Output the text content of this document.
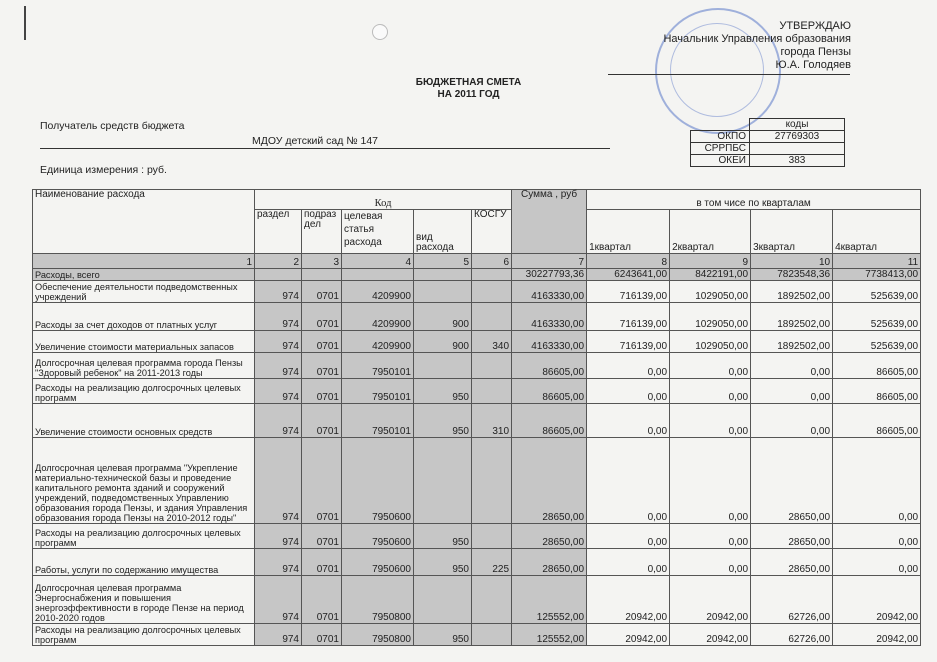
УТВЕРЖДАЮ
Начальник Управления образования
города Пензы
Ю.А. Голодяев
БЮДЖЕТНАЯ СМЕТА
НА 2011 ГОД
Получатель средств бюджета
МДОУ детский сад № 147
Единица измерения : руб.
	коды
ОКПО	27769303
СРРПБС	
ОКЕИ	383
Наименование расхода	Код					Сумма , руб	в том чисе по кварталам			
	раздел	подраз
дел	целевая
статья
расхода	вид
расхода	КОСГУ		1квартал	2квартал	3квартал	4квартал
1	2	3	4	5	6	7	8	9	10	11
Расходы, всего						30227793,36	6243641,00	8422191,00	7823548,36	7738413,00
Обеспечение деятельности подведомственных учреждений	974	0701	4209900			4163330,00	716139,00	1029050,00	1892502,00	525639,00
Расходы за счет доходов от платных услуг	974	0701	4209900	900		4163330,00	716139,00	1029050,00	1892502,00	525639,00
Увеличение стоимости материальных запасов	974	0701	4209900	900	340	4163330,00	716139,00	1029050,00	1892502,00	525639,00
Долгосрочная целевая программа города Пензы "Здоровый ребенок" на 2011-2013 годы	974	0701	7950101			86605,00	0,00	0,00	0,00	86605,00
Расходы на реализацию долгосрочных целевых программ	974	0701	7950101	950		86605,00	0,00	0,00	0,00	86605,00
Увеличение стоимости основных средств	974	0701	7950101	950	310	86605,00	0,00	0,00	0,00	86605,00
Долгосрочная целевая программа "Укрепление материально-технической базы и проведение капитального ремонта зданий и сооружений учреждений, подведомственных Управлению образования города Пензы, и здания Управления образования города Пензы на 2010-2012 годы"	974	0701	7950600			28650,00	0,00	0,00	28650,00	0,00
Расходы на реализацию долгосрочных целевых программ	974	0701	7950600	950		28650,00	0,00	0,00	28650,00	0,00
Работы, услуги по содержанию имущества	974	0701	7950600	950	225	28650,00	0,00	0,00	28650,00	0,00
Долгосрочная целевая программа Энергоснабжения и повышения энергоэффективности в городе Пензе на период 2010-2020 годов	974	0701	7950800			125552,00	20942,00	20942,00	62726,00	20942,00
Расходы на реализацию долгосрочных целевых программ	974	0701	7950800	950		125552,00	20942,00	20942,00	62726,00	20942,00
